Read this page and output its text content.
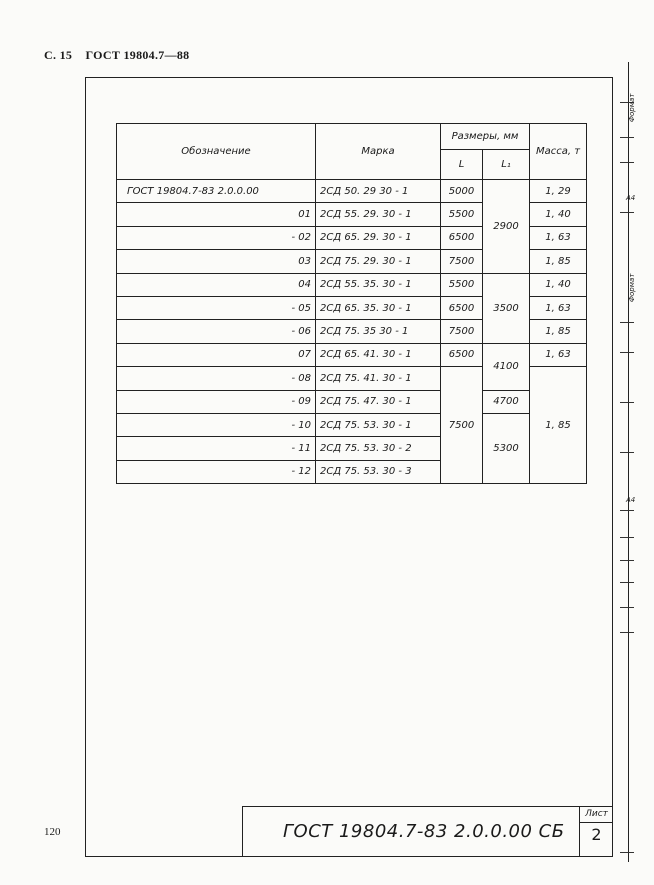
С. 15 ГОСТ 19804.7—88
Обозначение	Марка	Размеры, мм		Масса, т
		L	L₁	
ГОСТ 19804.7-83 2.0.0.00	2СД 50. 29 30 - 1	5000	2900	1, 29
01	2СД 55. 29. 30 - 1	5500		1, 40
- 02	2СД 65. 29. 30 - 1	6500		1, 63
03	2СД 75. 29. 30 - 1	7500		1, 85
04	2СД 55. 35. 30 - 1	5500	3500	1, 40
- 05	2СД 65. 35. 30 - 1	6500		1, 63
- 06	2СД 75. 35 30 - 1	7500		1, 85
07	2СД 65. 41. 30 - 1	6500	4100	1, 63
- 08	2СД 75. 41. 30 - 1	7500		1, 85
- 09	2СД 75. 47. 30 - 1		4700	
- 10	2СД 75. 53. 30 - 1		5300	
- 11	2СД 75. 53. 30 - 2			
- 12	2СД 75. 53. 30 - 3			
Формат
А4
Формат
А4
ГОСТ 19804.7-83 2.0.0.00 СБ
Лист
2
120
